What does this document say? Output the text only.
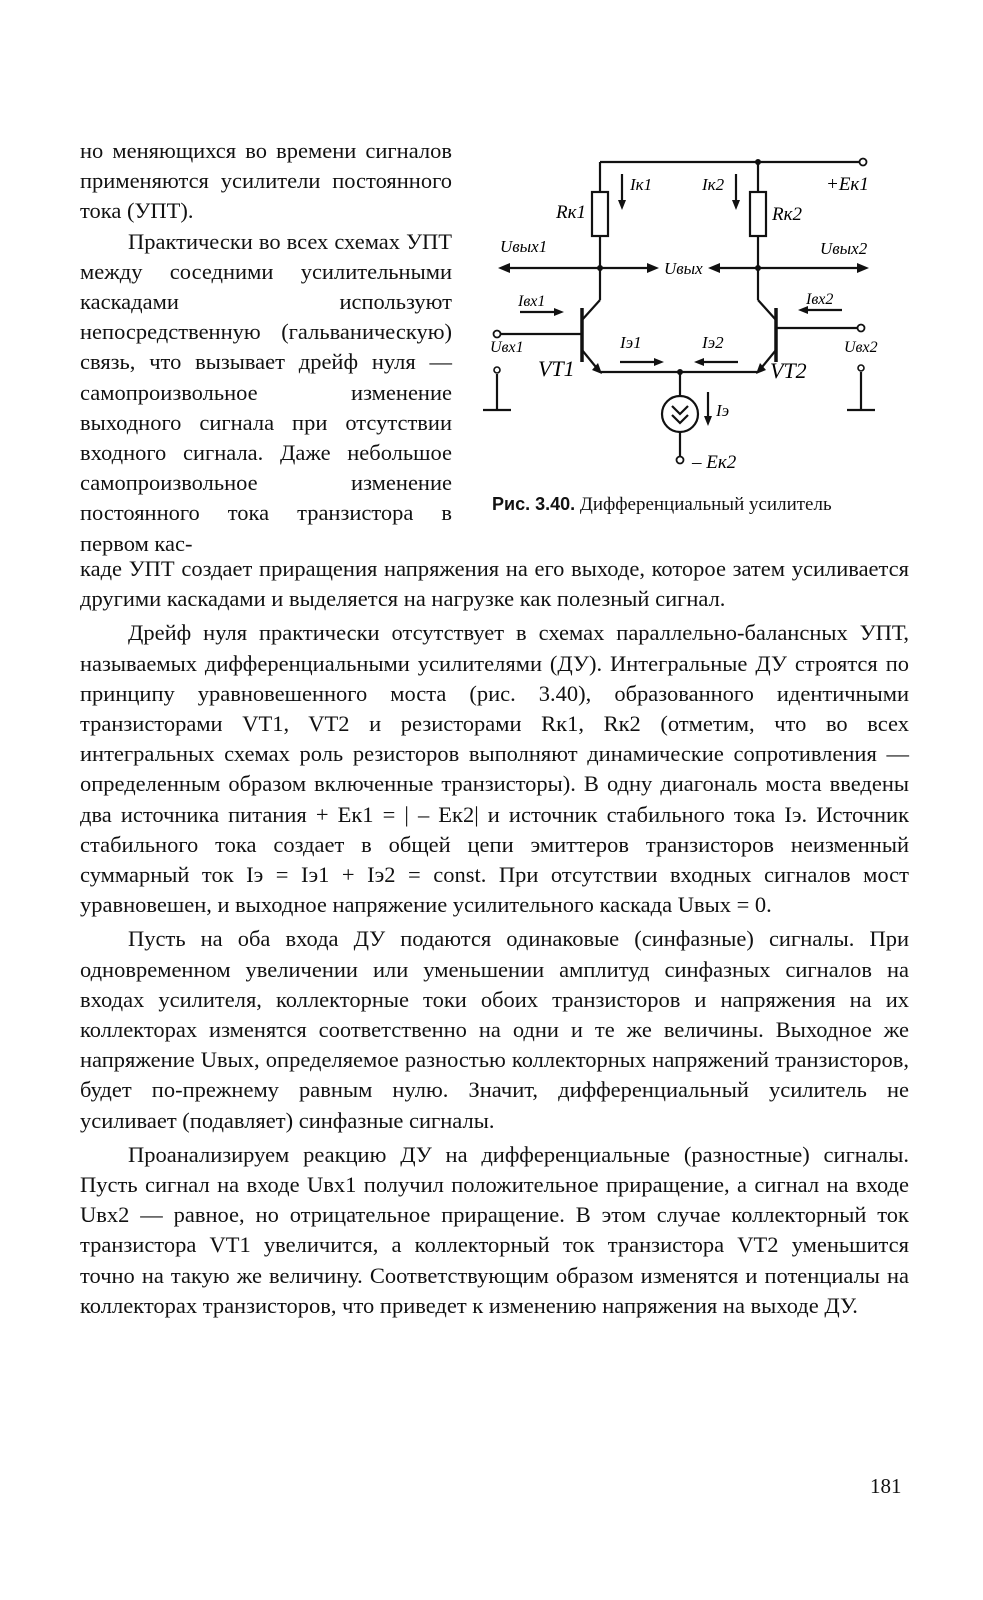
но меняющихся во времени сигналов применяются усилители постоянного тока (УПТ).

Практически во всех схемах УПТ между соседними усилительными каскадами используют непосредственную (гальваническую) связь, что вызывает дрейф нуля — самопроизвольное изменение выходного сигнала при отсутствии входного сигнала. Даже небольшое самопроизвольное изменение постоянного тока транзистора в первом кас-

Rк1	Rк2
Iк1	Iк2	+Eк1
Uвых1	Uвых2
Uвых
Iвх1	Iвх2
Uвх1	Uвх2
Iэ1	Iэ2
VT1	VT2
Iэ
– Eк2
Рис. 3.40. Дифференциальный усилитель

каде УПТ создает приращения напряжения на его выходе, которое затем усиливается другими каскадами и выделяется на нагрузке как полезный сигнал.

Дрейф нуля практически отсутствует в схемах параллельно-балансных УПТ, называемых дифференциальными усилителями (ДУ). Интегральные ДУ строятся по принципу уравновешенного моста (рис. 3.40), образованного идентичными транзисторами VT1, VT2 и резисторами Rк1, Rк2 (отметим, что во всех интегральных схемах роль резисторов выполняют динамические сопротивления — определенным образом включенные транзисторы). В одну диагональ моста введены два источника питания + Eк1 = | – Eк2| и источник стабильного тока Iэ. Источник стабильного тока создает в общей цепи эмиттеров транзисторов неизменный суммарный ток Iэ = Iэ1 + Iэ2 = const. При отсутствии входных сигналов мост уравновешен, и выходное напряжение усилительного каскада Uвых = 0.

Пусть на оба входа ДУ подаются одинаковые (синфазные) сигналы. При одновременном увеличении или уменьшении амплитуд синфазных сигналов на входах усилителя, коллекторные токи обоих транзисторов и напряжения на их коллекторах изменятся соответственно на одни и те же величины. Выходное же напряжение Uвых, определяемое разностью коллекторных напряжений транзисторов, будет по-прежнему равным нулю. Значит, дифференциальный усилитель не усиливает (подавляет) синфазные сигналы.

Проанализируем реакцию ДУ на дифференциальные (разностные) сигналы. Пусть сигнал на входе Uвх1 получил положительное приращение, а сигнал на входе Uвх2 — равное, но отрицательное приращение. В этом случае коллекторный ток транзистора VT1 увеличится, а коллекторный ток транзистора VT2 уменьшится точно на такую же величину. Соответствующим образом изменятся и потенциалы на коллекторах транзисторов, что приведет к изменению напряжения на выходе ДУ.

181
